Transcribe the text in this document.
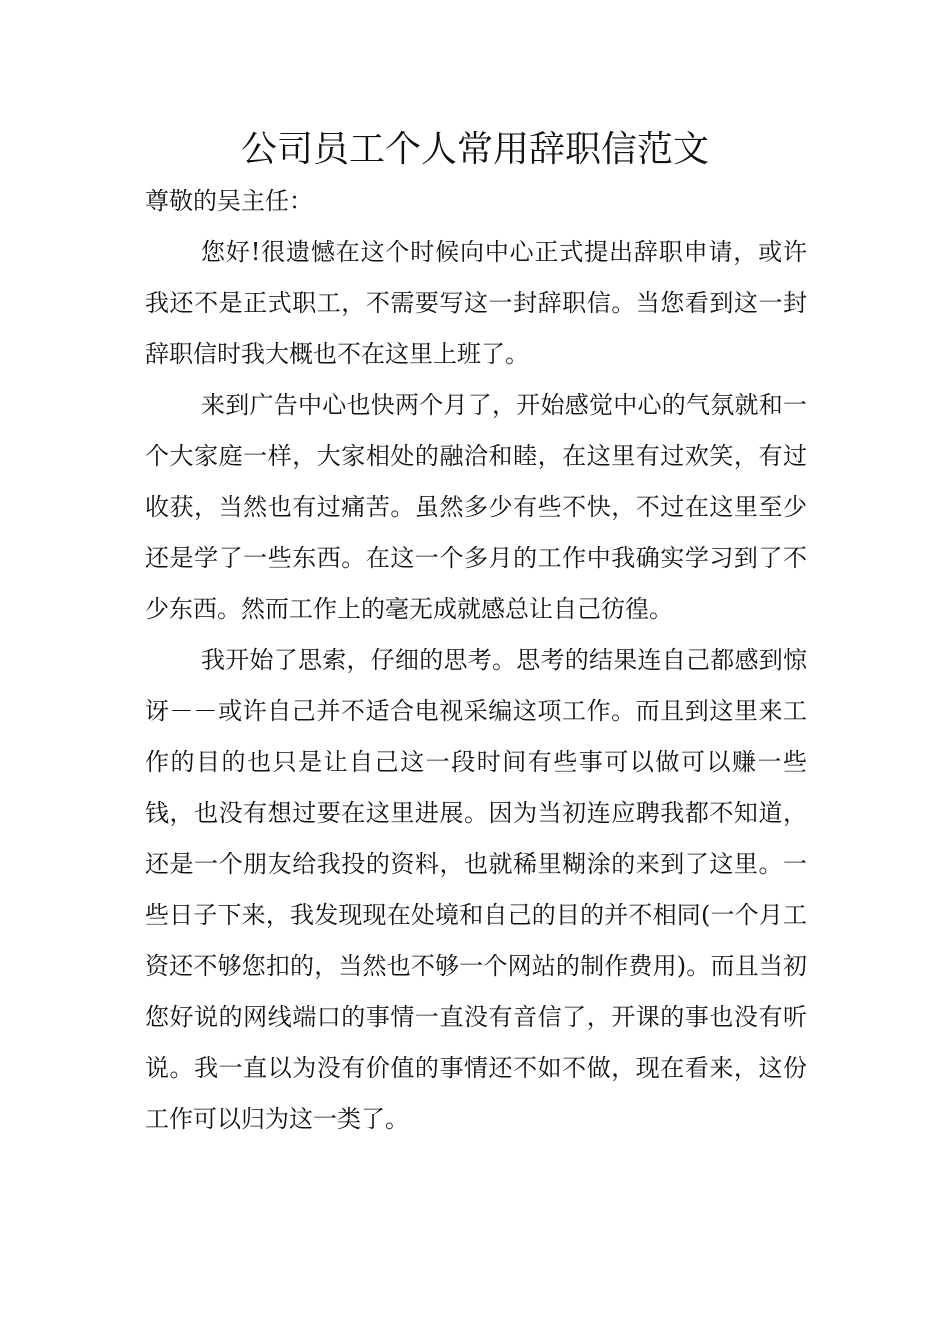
公司员工个人常用辞职信范文

尊敬的吴主任：

您好!很遗憾在这个时候向中心正式提出辞职申请，或许我还不是正式职工，不需要写这一封辞职信。当您看到这一封辞职信时我大概也不在这里上班了。

来到广告中心也快两个月了，开始感觉中心的气氛就和一个大家庭一样，大家相处的融洽和睦，在这里有过欢笑，有过收获，当然也有过痛苦。虽然多少有些不快，不过在这里至少还是学了一些东西。在这一个多月的工作中我确实学习到了不少东西。然而工作上的毫无成就感总让自己彷徨。

我开始了思索，仔细的思考。思考的结果连自己都感到惊讶－－或许自己并不适合电视采编这项工作。而且到这里来工作的目的也只是让自己这一段时间有些事可以做可以赚一些钱，也没有想过要在这里进展。因为当初连应聘我都不知道，还是一个朋友给我投的资料，也就稀里糊涂的来到了这里。一些日子下来，我发现现在处境和自己的目的并不相同(一个月工资还不够您扣的，当然也不够一个网站的制作费用)。而且当初您好说的网线端口的事情一直没有音信了，开课的事也没有听说。我一直以为没有价值的事情还不如不做，现在看来，这份工作可以归为这一类了。
